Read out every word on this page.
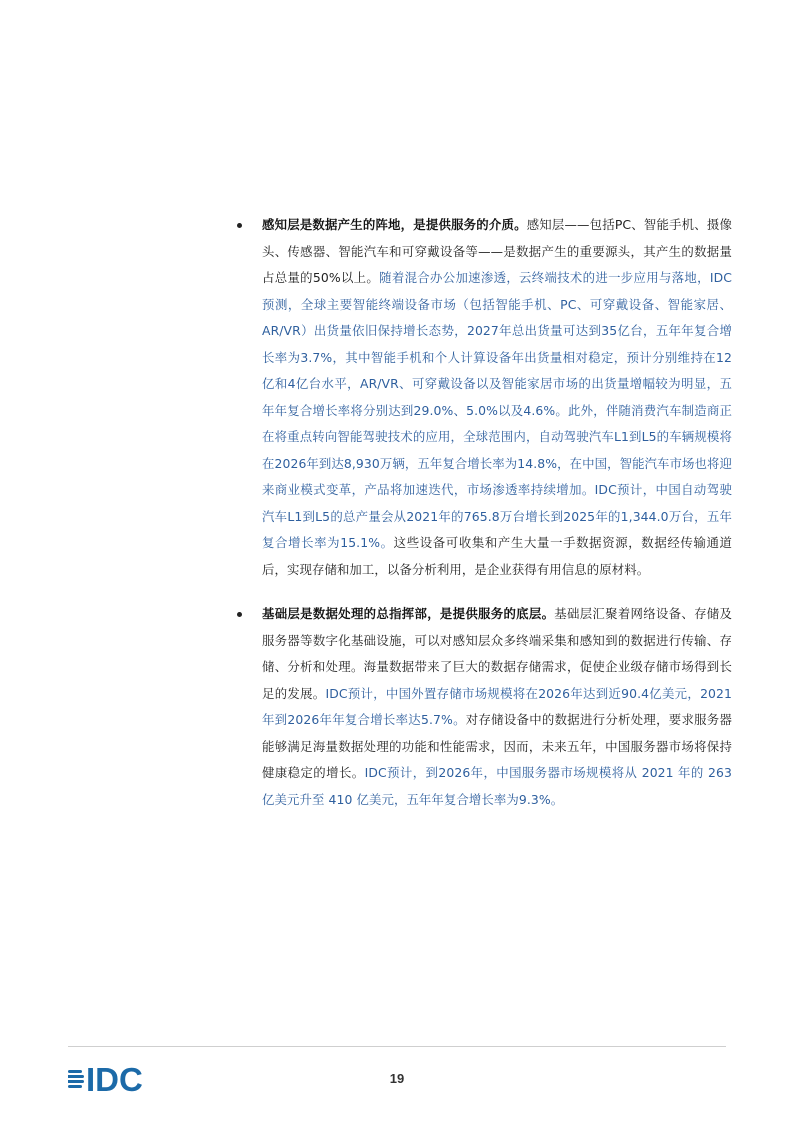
感知层是数据产生的阵地，是提供服务的介质。感知层——包括PC、智能手机、摄像头、传感器、智能汽车和可穿戴设备等——是数据产生的重要源头，其产生的数据量占总量的50%以上。随着混合办公加速渗透，云终端技术的进一步应用与落地，IDC预测，全球主要智能终端设备市场（包括智能手机、PC、可穿戴设备、智能家居、AR/VR）出货量依旧保持增长态势，2027年总出货量可达到35亿台，五年年复合增长率为3.7%，其中智能手机和个人计算设备年出货量相对稳定，预计分别维持在12亿和4亿台水平，AR/VR、可穿戴设备以及智能家居市场的出货量增幅较为明显，五年年复合增长率将分别达到29.0%、5.0%以及4.6%。此外，伴随消费汽车制造商正在将重点转向智能驾驶技术的应用，全球范围内，自动驾驶汽车L1到L5的车辆规模将在2026年到达8,930万辆，五年复合增长率为14.8%，在中国，智能汽车市场也将迎来商业模式变革，产品将加速迭代，市场渗透率持续增加。IDC预计，中国自动驾驶汽车L1到L5的总产量会从2021年的765.8万台增长到2025年的1,344.0万台，五年复合增长率为15.1%。这些设备可收集和产生大量一手数据资源，数据经传输通道后，实现存储和加工，以备分析利用，是企业获得有用信息的原材料。
基础层是数据处理的总指挥部，是提供服务的底层。基础层汇聚着网络设备、存储及服务器等数字化基础设施，可以对感知层众多终端采集和感知到的数据进行传输、存储、分析和处理。海量数据带来了巨大的数据存储需求，促使企业级存储市场得到长足的发展。IDC预计，中国外置存储市场规模将在2026年达到近90.4亿美元，2021年到2026年年复合增长率达5.7%。对存储设备中的数据进行分析处理，要求服务器能够满足海量数据处理的功能和性能需求，因而，未来五年，中国服务器市场将保持健康稳定的增长。IDC预计，到2026年，中国服务器市场规模将从 2021 年的 263 亿美元升至 410 亿美元，五年年复合增长率为9.3%。
IDC	19
